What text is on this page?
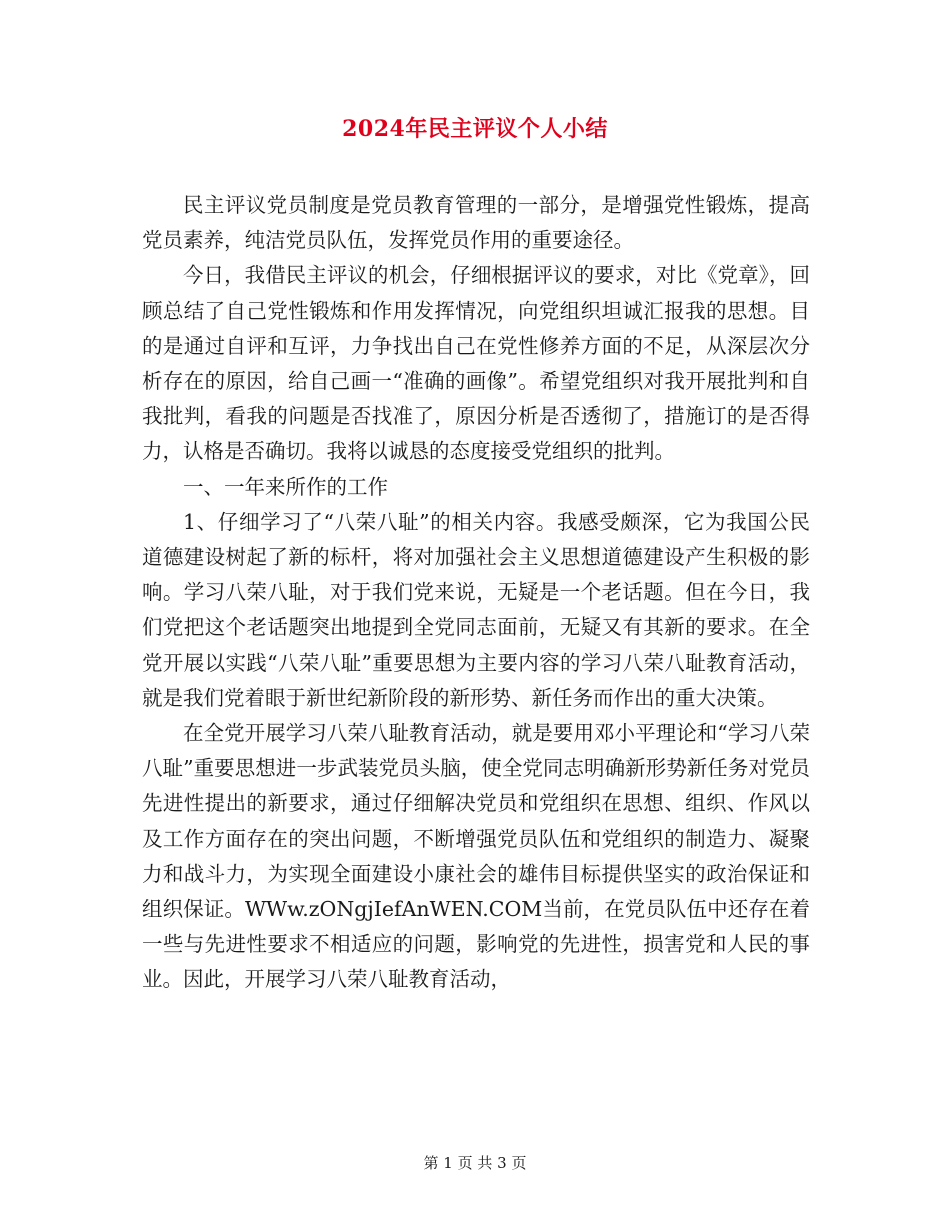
2024年民主评议个人小结

民主评议党员制度是党员教育管理的一部分，是增强党性锻炼，提高党员素养，纯洁党员队伍，发挥党员作用的重要途径。

今日，我借民主评议的机会，仔细根据评议的要求，对比《党章》，回顾总结了自己党性锻炼和作用发挥情况，向党组织坦诚汇报我的思想。目的是通过自评和互评，力争找出自己在党性修养方面的不足，从深层次分析存在的原因，给自己画一“准确的画像”。希望党组织对我开展批判和自我批判，看我的问题是否找准了，原因分析是否透彻了，措施订的是否得力，认格是否确切。我将以诚恳的态度接受党组织的批判。

一、一年来所作的工作

1、仔细学习了“八荣八耻”的相关内容。我感受颇深，它为我国公民道德建设树起了新的标杆，将对加强社会主义思想道德建设产生积极的影响。学习八荣八耻，对于我们党来说，无疑是一个老话题。但在今日，我们党把这个老话题突出地提到全党同志面前，无疑又有其新的要求。在全党开展以实践“八荣八耻”重要思想为主要内容的学习八荣八耻教育活动，就是我们党着眼于新世纪新阶段的新形势、新任务而作出的重大决策。

在全党开展学习八荣八耻教育活动，就是要用邓小平理论和“学习八荣八耻”重要思想进一步武装党员头脑，使全党同志明确新形势新任务对党员先进性提出的新要求，通过仔细解决党员和党组织在思想、组织、作风以及工作方面存在的突出问题，不断增强党员队伍和党组织的制造力、凝聚力和战斗力，为实现全面建设小康社会的雄伟目标提供坚实的政治保证和组织保证。WWw.zONgjIefAnWEN.COM当前，在党员队伍中还存在着一些与先进性要求不相适应的问题，影响党的先进性，损害党和人民的事业。因此，开展学习八荣八耻教育活动，

第 1 页 共 3 页
